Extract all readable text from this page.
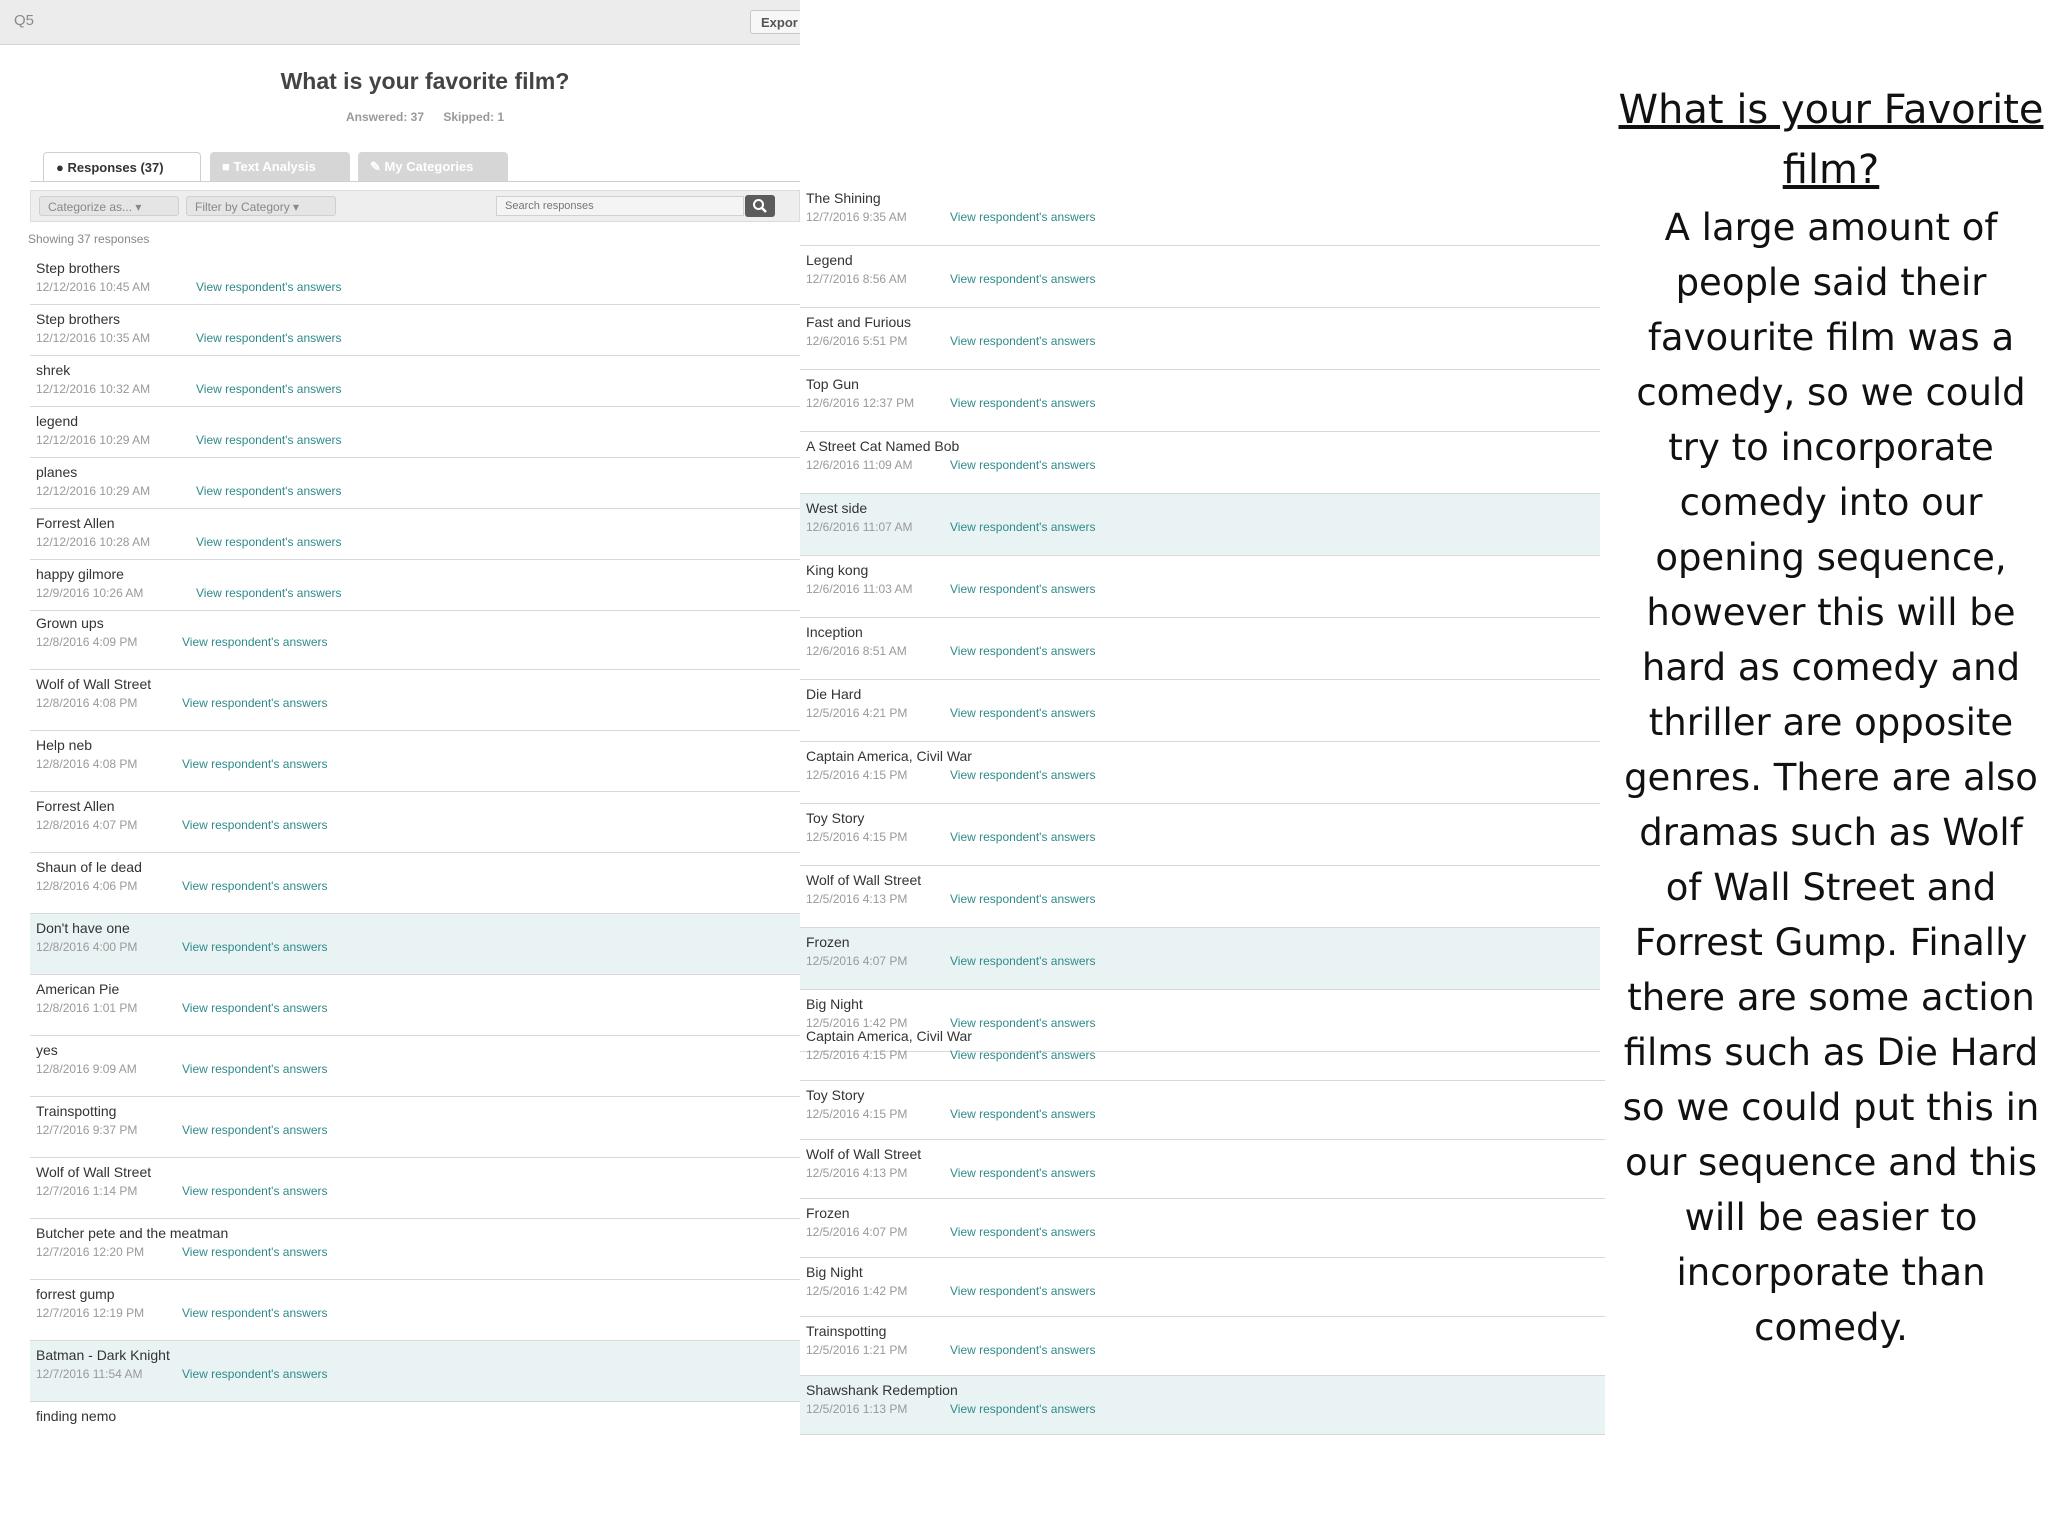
Q5	Expor
What is your favorite film?
Answered: 37 Skipped: 1
● Responses (37)	■ Text Analysis	✎ My Categories
Categorize as... ▾	Filter by Category ▾
Search responses
Showing 37 responses
Step brothers
12/12/2016 10:45 AM	View respondent's answers
Step brothers
12/12/2016 10:35 AM	View respondent's answers
shrek
12/12/2016 10:32 AM	View respondent's answers
legend
12/12/2016 10:29 AM	View respondent's answers
planes
12/12/2016 10:29 AM	View respondent's answers
Forrest Allen
12/12/2016 10:28 AM	View respondent's answers
happy gilmore
12/9/2016 10:26 AM	View respondent's answers
Grown ups
12/8/2016 4:09 PM	View respondent's answers
Wolf of Wall Street
12/8/2016 4:08 PM	View respondent's answers
Help neb
12/8/2016 4:08 PM	View respondent's answers
Forrest Allen
12/8/2016 4:07 PM	View respondent's answers
Shaun of le dead
12/8/2016 4:06 PM	View respondent's answers
Don't have one
12/8/2016 4:00 PM	View respondent's answers
American Pie
12/8/2016 1:01 PM	View respondent's answers
yes
12/8/2016 9:09 AM	View respondent's answers
Trainspotting
12/7/2016 9:37 PM	View respondent's answers
Wolf of Wall Street
12/7/2016 1:14 PM	View respondent's answers
Butcher pete and the meatman
12/7/2016 12:20 PM	View respondent's answers
forrest gump
12/7/2016 12:19 PM	View respondent's answers
Batman - Dark Knight
12/7/2016 11:54 AM	View respondent's answers
finding nemo
The Shining
12/7/2016 9:35 AM	View respondent's answers
Legend
12/7/2016 8:56 AM	View respondent's answers
Fast and Furious
12/6/2016 5:51 PM	View respondent's answers
Top Gun
12/6/2016 12:37 PM	View respondent's answers
A Street Cat Named Bob
12/6/2016 11:09 AM	View respondent's answers
West side
12/6/2016 11:07 AM	View respondent's answers
King kong
12/6/2016 11:03 AM	View respondent's answers
Inception
12/6/2016 8:51 AM	View respondent's answers
Die Hard
12/5/2016 4:21 PM	View respondent's answers
Captain America, Civil War
12/5/2016 4:15 PM	View respondent's answers
Toy Story
12/5/2016 4:15 PM	View respondent's answers
Wolf of Wall Street
12/5/2016 4:13 PM	View respondent's answers
Frozen
12/5/2016 4:07 PM	View respondent's answers
Big Night
12/5/2016 1:42 PM	View respondent's answers
Captain America, Civil War
12/5/2016 4:15 PM	View respondent's answers
Toy Story
12/5/2016 4:15 PM	View respondent's answers
Wolf of Wall Street
12/5/2016 4:13 PM	View respondent's answers
Frozen
12/5/2016 4:07 PM	View respondent's answers
Big Night
12/5/2016 1:42 PM	View respondent's answers
Trainspotting
12/5/2016 1:21 PM	View respondent's answers
Shawshank Redemption
12/5/2016 1:13 PM	View respondent's answers
What is your Favorite film?

A large amount of people said their favourite film was a comedy, so we could try to incorporate comedy into our opening sequence, however this will be hard as comedy and thriller are opposite genres. There are also dramas such as Wolf of Wall Street and Forrest Gump. Finally there are some action films such as Die Hard so we could put this in our sequence and this will be easier to incorporate than comedy.
